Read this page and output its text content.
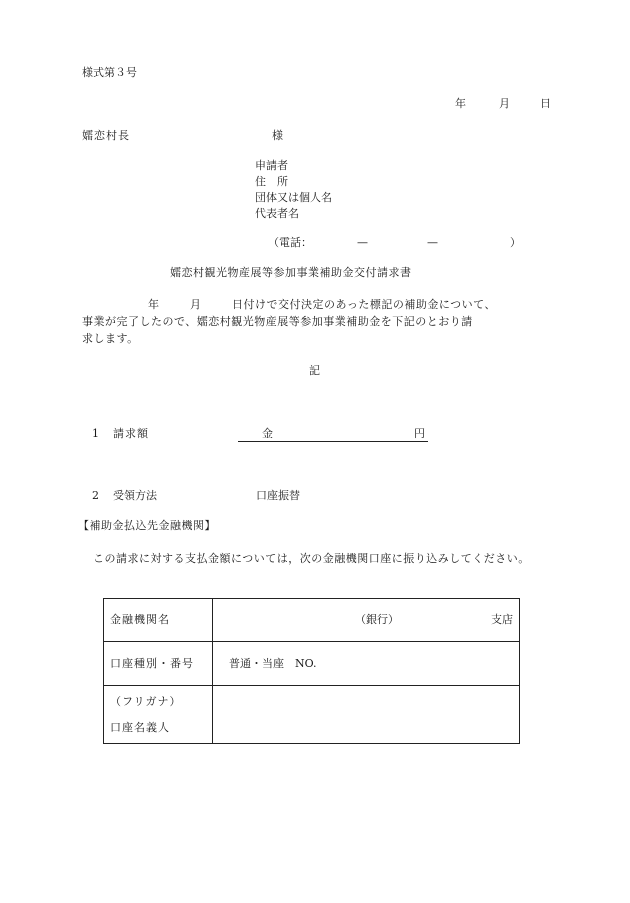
様式第３号
年	月	日
嬬恋村長	様
申請者
住　所
団体又は個人名
代表者名
（電話：	—	—	）
嬬恋村観光物産展等参加事業補助金交付請求書
年	月	日付けで交付決定のあった標記の補助金について、
事業が完了したので、嬬恋村観光物産展等参加事業補助金を下記のとおり請
求します。
記
1 請求額	金	円
2 受領方法	口座振替
【補助金払込先金融機関】
この請求に対する支払金額については，次の金融機関口座に振り込みしてください。
金融機関名	（銀行） 支店

口座種別・番号	普通・当座　NO.

（フリガナ）
口座名義人	
